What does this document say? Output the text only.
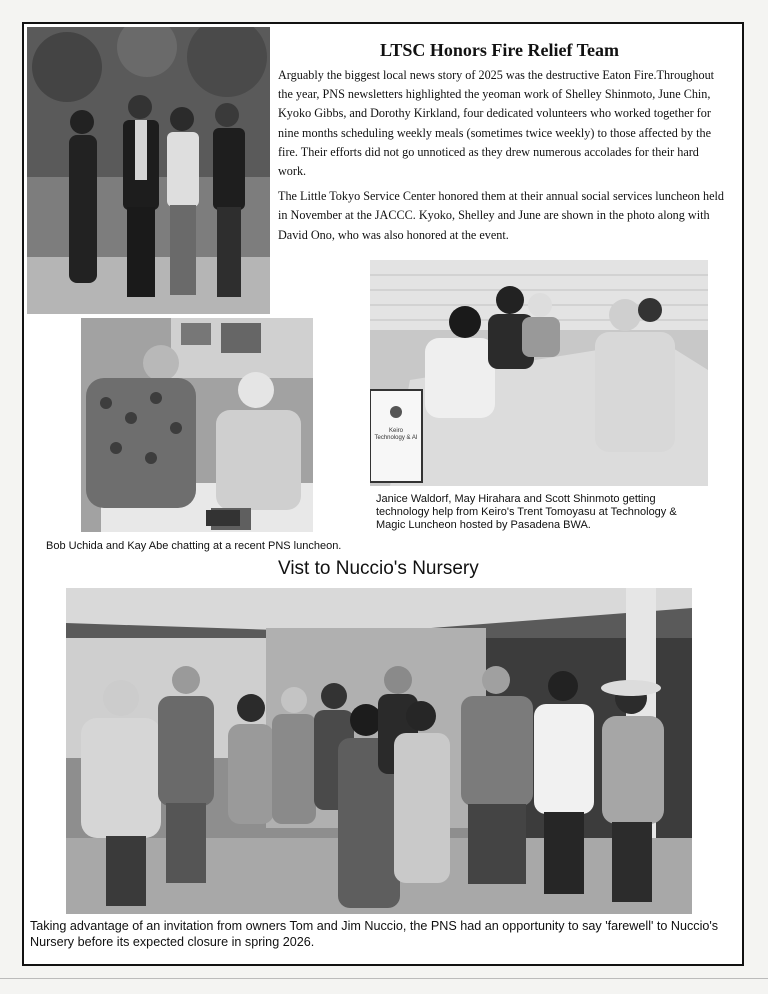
LTSC Honors Fire Relief Team

Arguably the biggest local news story of 2025 was the destructive Eaton Fire.Throughout the year, PNS newsletters highlighted the yeoman work of Shelley Shinmoto, June Chin, Kyoko Gibbs, and Dorothy Kirkland, four dedicated volunteers who worked together for nine months scheduling weekly meals (sometimes twice weekly) to those affected by the fire. Their efforts did not go unnoticed as they drew numerous accolades for their hard work.

The Little Tokyo Service Center honored them at their annual social services luncheon held in November at the JACCC. Kyoko, Shelley and June are shown in the photo along with David Ono, who was also honored at the event.

Bob Uchida and Kay Abe chatting at a recent PNS luncheon.
Keiro Technology & AI
Janice Waldorf, May Hirahara and Scott Shinmoto getting technology help from Keiro's Trent Tomoyasu at Technology & Magic Luncheon hosted by Pasadena BWA.
Vist to Nuccio's Nursery
Taking advantage of an invitation from owners Tom and Jim Nuccio, the PNS had an opportunity to say 'farewell' to Nuccio's Nursery before its expected closure in spring 2026.
